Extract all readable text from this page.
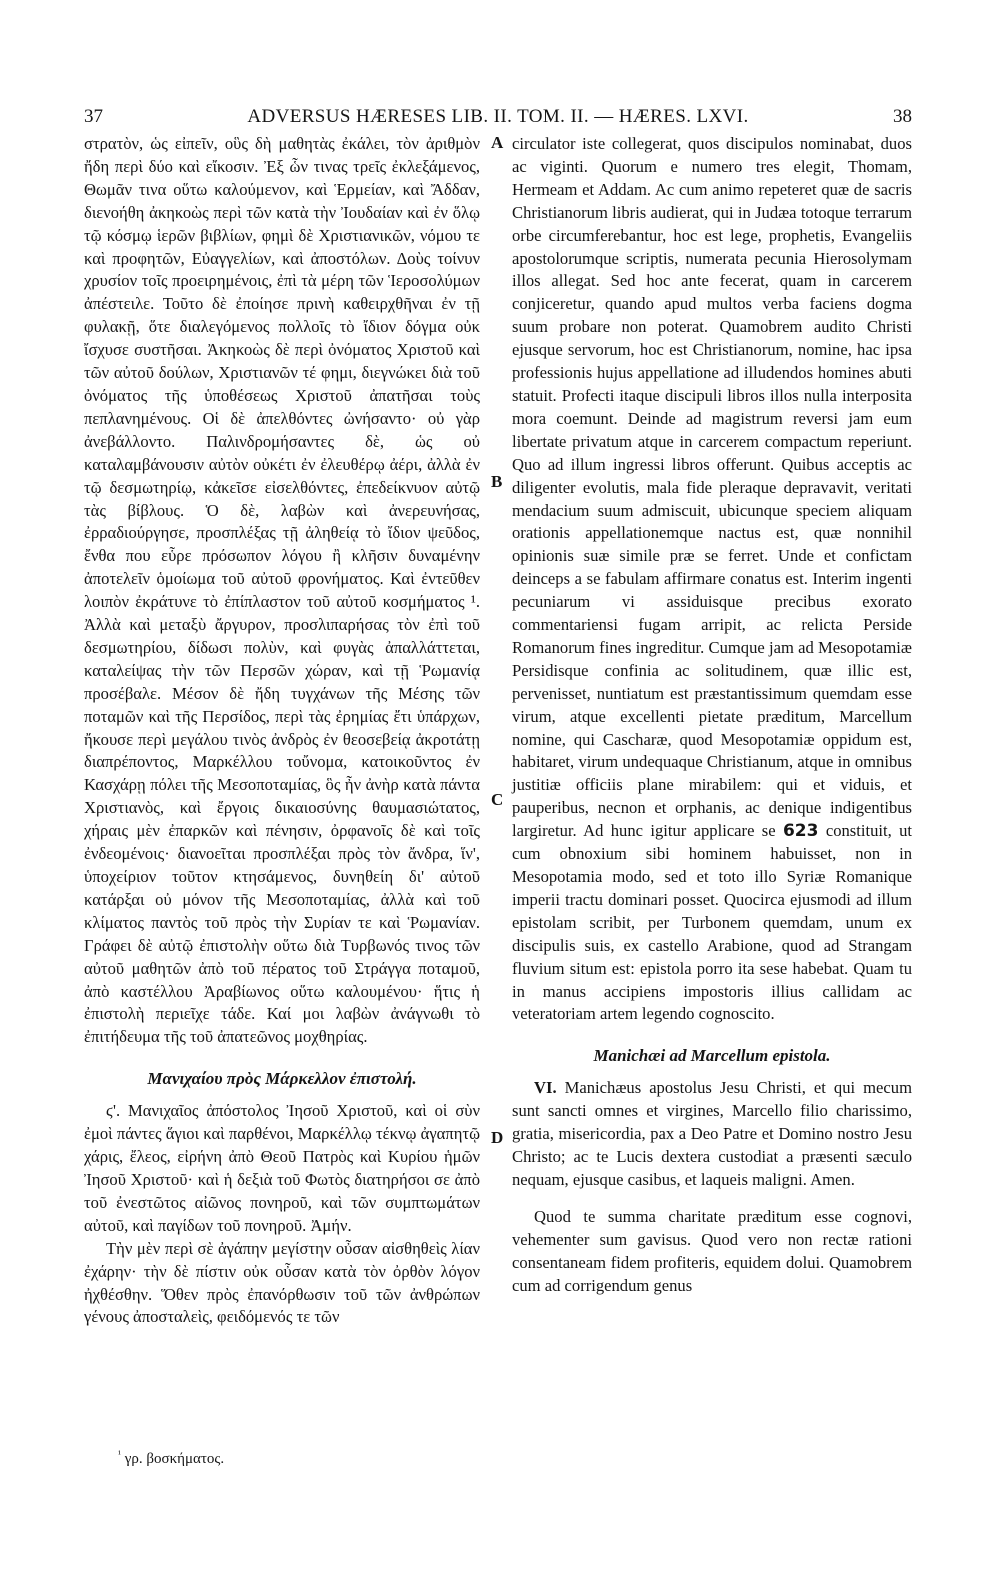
37	ADVERSUS HÆRESES LIB. II. TOM. II. — HÆRES. LXVI.	38

στρατὸν, ὡς εἰπεῖν, οὓς δὴ μαθητὰς ἐκάλει, τὸν ἀριθμὸν ἤδη περὶ δύο καὶ εἴκοσιν. Ἐξ ὧν τινας τρεῖς ἐκλεξάμενος, Θωμᾶν τινα οὕτω καλούμενον, καὶ Ἑρμείαν, καὶ Ἄδδαν, διενοήθη ἀκηκοὼς περὶ τῶν κατὰ τὴν Ἰουδαίαν καὶ ἐν ὅλῳ τῷ κόσμῳ ἱερῶν βιβλίων, φημὶ δὲ Χριστιανικῶν, νόμου τε καὶ προφητῶν, Εὐαγγελίων, καὶ ἀποστόλων. Δοὺς τοίνυν χρυσίον τοῖς προειρημένοις, ἐπὶ τὰ μέρη τῶν Ἱεροσολύμων ἀπέστειλε. Τοῦτο δὲ ἐποίησε πρινὴ καθειρχθῆναι ἐν τῇ φυλακῇ, ὅτε διαλεγόμενος πολλοῖς τὸ ἴδιον δόγμα οὐκ ἴσχυσε συστῆσαι. Ἀκηκοὼς δὲ περὶ ὀνόματος Χριστοῦ καὶ τῶν αὐτοῦ δούλων, Χριστιανῶν τέ φημι, διεγνώκει διὰ τοῦ ὀνόματος τῆς ὑποθέσεως Χριστοῦ ἀπατῆσαι τοὺς πεπλανημένους. Οἱ δὲ ἀπελθόντες ὠνήσαντο· οὐ γὰρ ἀνεβάλλοντο. Παλινδρομήσαντες δὲ, ὡς οὐ καταλαμβάνουσιν αὐτὸν οὐκέτι ἐν ἐλευθέρῳ ἀέρι, ἀλλὰ ἐν τῷ δεσμωτηρίῳ, κἀκεῖσε εἰσελθόντες, ἐπεδείκνυον αὐτῷ τὰς βίβλους. Ὁ δὲ, λαβὼν καὶ ἀνερευνήσας, ἐρραδιούργησε, προσπλέξας τῇ ἀληθείᾳ τὸ ἴδιον ψεῦδος, ἔνθα που εὗρε πρόσωπον λόγου ἢ κλῆσιν δυναμένην ἀποτελεῖν ὁμοίωμα τοῦ αὐτοῦ φρονήματος. Καὶ ἐντεῦθεν λοιπὸν ἐκράτυνε τὸ ἐπίπλαστον τοῦ αὐτοῦ κοσμήματος ¹. Ἀλλὰ καὶ μεταξὺ ἄργυρον, προσλιπαρήσας τὸν ἐπὶ τοῦ δεσμωτηρίου, δίδωσι πολὺν, καὶ φυγὰς ἀπαλλάττεται, καταλείψας τὴν τῶν Περσῶν χώραν, καὶ τῇ Ῥωμανίᾳ προσέβαλε. Μέσον δὲ ἤδη τυγχάνων τῆς Μέσης τῶν ποταμῶν καὶ τῆς Περσίδος, περὶ τὰς ἐρημίας ἔτι ὑπάρχων, ἤκουσε περὶ μεγάλου τινὸς ἀνδρὸς ἐν θεοσεβείᾳ ἀκροτάτῃ διαπρέποντος, Μαρκέλλου τοὔνομα, κατοικοῦντος ἐν Κασχάρῃ πόλει τῆς Μεσοποταμίας, ὃς ἦν ἀνὴρ κατὰ πάντα Χριστιανὸς, καὶ ἔργοις δικαιοσύνης θαυμασιώτατος, χήραις μὲν ἐπαρκῶν καὶ πένησιν, ὀρφανοῖς δὲ καὶ τοῖς ἐνδεομένοις· διανοεῖται προσπλέξαι πρὸς τὸν ἄνδρα, ἵν', ὑποχείριον τοῦτον κτησάμενος, δυνηθείη δι' αὐτοῦ κατάρξαι οὐ μόνον τῆς Μεσοποταμίας, ἀλλὰ καὶ τοῦ κλίματος παντὸς τοῦ πρὸς τὴν Συρίαν τε καὶ Ῥωμανίαν. Γράφει δὲ αὐτῷ ἐπιστολὴν οὕτω διὰ Τυρβωνός τινος τῶν αὐτοῦ μαθητῶν ἀπὸ τοῦ πέρατος τοῦ Στράγγα ποταμοῦ, ἀπὸ καστέλλου Ἀραβίωνος οὕτω καλουμένου· ἥτις ἡ ἐπιστολὴ περιεῖχε τάδε. Καί μοι λαβὼν ἀνάγνωθι τὸ ἐπιτήδευμα τῆς τοῦ ἀπατεῶνος μοχθηρίας.

Μανιχαίου πρὸς Μάρκελλον ἐπιστολή.

ϛ'. Μανιχαῖος ἀπόστολος Ἰησοῦ Χριστοῦ, καὶ οἱ σὺν ἐμοὶ πάντες ἅγιοι καὶ παρθένοι, Μαρκέλλῳ τέκνῳ ἀγαπητῷ χάρις, ἔλεος, εἰρήνη ἀπὸ Θεοῦ Πατρὸς καὶ Κυρίου ἡμῶν Ἰησοῦ Χριστοῦ· καὶ ἡ δεξιὰ τοῦ Φωτὸς διατηρήσοι σε ἀπὸ τοῦ ἐνεστῶτος αἰῶνος πονηροῦ, καὶ τῶν συμπτωμάτων αὐτοῦ, καὶ παγίδων τοῦ πονηροῦ. Ἀμήν.

Τὴν μὲν περὶ σὲ ἀγάπην μεγίστην οὖσαν αἰσθηθεὶς λίαν ἐχάρην· τὴν δὲ πίστιν οὐκ οὖσαν κατὰ τὸν ὀρθὸν λόγον ἠχθέσθην. Ὅθεν πρὸς ἐπανόρθωσιν τοῦ τῶν ἀνθρώπων γένους ἀποσταλεὶς, φειδόμενός τε τῶν

A
B
C
D

circulator iste collegerat, quos discipulos nominabat, duos ac viginti. Quorum e numero tres elegit, Thomam, Hermeam et Addam. Ac cum animo repeteret quæ de sacris Christianorum libris audierat, qui in Judæa totoque terrarum orbe circumferebantur, hoc est lege, prophetis, Evangeliis apostolorumque scriptis, numerata pecunia Hierosolymam illos allegat. Sed hoc ante fecerat, quam in carcerem conjiceretur, quando apud multos verba faciens dogma suum probare non poterat. Quamobrem audito Christi ejusque servorum, hoc est Christianorum, nomine, hac ipsa professionis hujus appellatione ad illudendos homines abuti statuit. Profecti itaque discipuli libros illos nulla interposita mora coemunt. Deinde ad magistrum reversi jam eum libertate privatum atque in carcerem compactum reperiunt. Quo ad illum ingressi libros offerunt. Quibus acceptis ac diligenter evolutis, mala fide pleraque depravavit, veritati mendacium suum admiscuit, ubicunque speciem aliquam orationis appellationemque nactus est, quæ nonnihil opinionis suæ simile præ se ferret. Unde et confictam deinceps a se fabulam affirmare conatus est. Interim ingenti pecuniarum vi assiduisque precibus exorato commentariensi fugam arripit, ac relicta Perside Romanorum fines ingreditur. Cumque jam ad Mesopotamiæ Persidisque confinia ac solitudinem, quæ illic est, pervenisset, nuntiatum est præstantissimum quemdam esse virum, atque excellenti pietate præditum, Marcellum nomine, qui Cascharæ, quod Mesopotamiæ oppidum est, habitaret, virum undequaque Christianum, atque in omnibus justitiæ officiis plane mirabilem: qui et viduis, et pauperibus, necnon et orphanis, ac denique indigentibus largiretur. Ad hunc igitur applicare se 623 constituit, ut cum obnoxium sibi hominem habuisset, non in Mesopotamia modo, sed et toto illo Syriæ Romanique imperii tractu dominari posset. Quocirca ejusmodi ad illum epistolam scribit, per Turbonem quemdam, unum ex discipulis suis, ex castello Arabione, quod ad Strangam fluvium situm est: epistola porro ita sese habebat. Quam tu in manus accipiens impostoris illius callidam ac veteratoriam artem legendo cognoscito.

Manichæi ad Marcellum epistola.

VI. Manichæus apostolus Jesu Christi, et qui mecum sunt sancti omnes et virgines, Marcello filio charissimo, gratia, misericordia, pax a Deo Patre et Domino nostro Jesu Christo; ac te Lucis dextera custodiat a præsenti sæculo nequam, ejusque casibus, et laqueis maligni. Amen.

Quod te summa charitate præditum esse cognovi, vehementer sum gavisus. Quod vero non rectæ rationi consentaneam fidem profiteris, equidem dolui. Quamobrem cum ad corrigendum genus

$^{^1}$ γρ. βοσκήματος.
